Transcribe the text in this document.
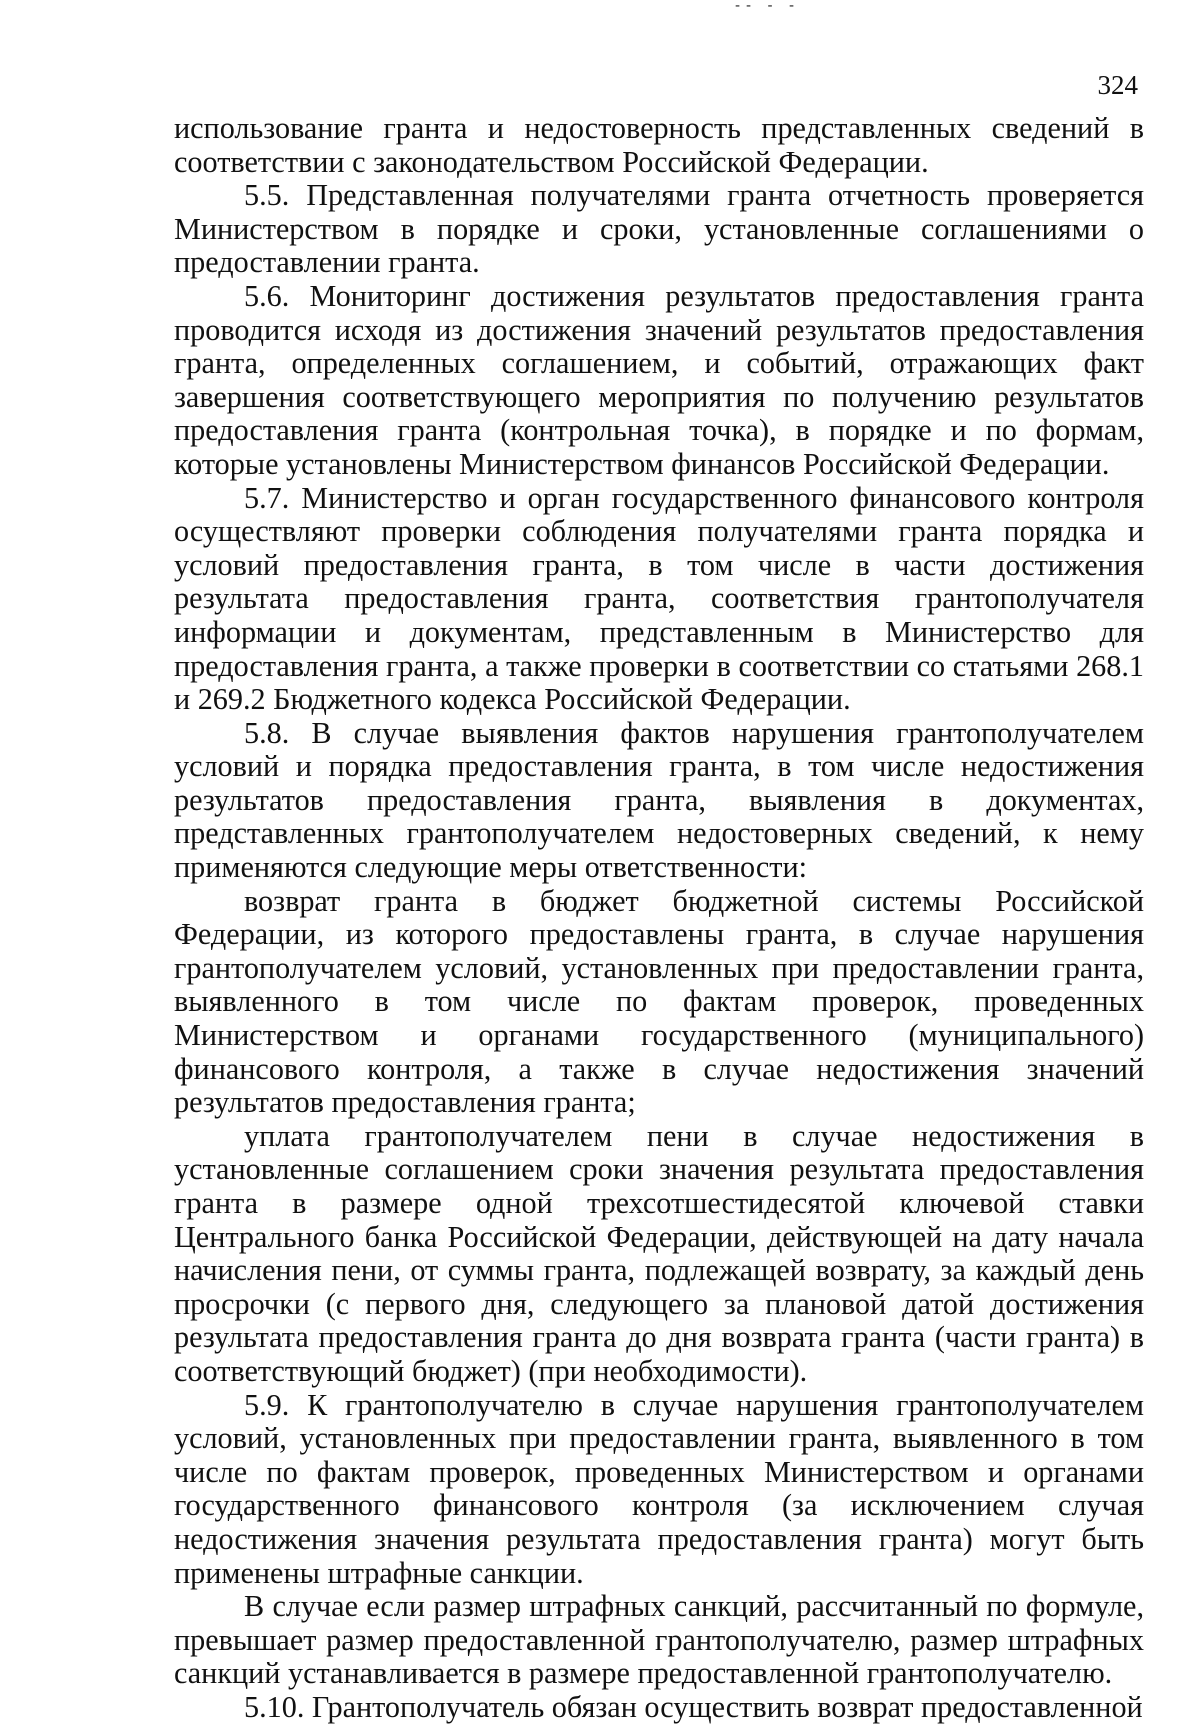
-- - -
324

использование гранта и недостоверность представленных сведений в соответствии с законодательством Российской Федерации.

5.5. Представленная получателями гранта отчетность проверяется Министерством в порядке и сроки, установленные соглашениями о предоставлении гранта.

5.6. Мониторинг достижения результатов предоставления гранта проводится исходя из достижения значений результатов предоставления гранта, определенных соглашением, и событий, отражающих факт завершения соответствующего мероприятия по получению результатов предоставления гранта (контрольная точка), в порядке и по формам, которые установлены Министерством финансов Российской Федерации.

5.7. Министерство и орган государственного финансового контроля осуществляют проверки соблюдения получателями гранта порядка и условий предоставления гранта, в том числе в части достижения результата предоставления гранта, соответствия грантополучателя информации и документам, представленным в Министерство для предоставления гранта, а также проверки в соответствии со статьями 268.1 и 269.2 Бюджетного кодекса Российской Федерации.

5.8. В случае выявления фактов нарушения грантополучателем условий и порядка предоставления гранта, в том числе недостижения результатов предоставления гранта, выявления в документах, представленных грантополучателем недостоверных сведений, к нему применяются следующие меры ответственности:

возврат гранта в бюджет бюджетной системы Российской Федерации, из которого предоставлены гранта, в случае нарушения грантополучателем условий, установленных при предоставлении гранта, выявленного в том числе по фактам проверок, проведенных Министерством и органами государственного (муниципального) финансового контроля, а также в случае недостижения значений результатов предоставления гранта;

уплата грантополучателем пени в случае недостижения в установленные соглашением сроки значения результата предоставления гранта в размере одной трехсотшестидесятой ключевой ставки Центрального банка Российской Федерации, действующей на дату начала начисления пени, от суммы гранта, подлежащей возврату, за каждый день просрочки (с первого дня, следующего за плановой датой достижения результата предоставления гранта до дня возврата гранта (части гранта) в соответствующий бюджет) (при необходимости).

5.9. К грантополучателю в случае нарушения грантополучателем условий, установленных при предоставлении гранта, выявленного в том числе по фактам проверок, проведенных Министерством и органами государственного финансового контроля (за исключением случая недостижения значения результата предоставления гранта) могут быть применены штрафные санкции.

В случае если размер штрафных санкций, рассчитанный по формуле, превышает размер предоставленной грантополучателю, размер штрафных санкций устанавливается в размере предоставленной грантополучателю.

5.10. Грантополучатель обязан осуществить возврат предоставленной
